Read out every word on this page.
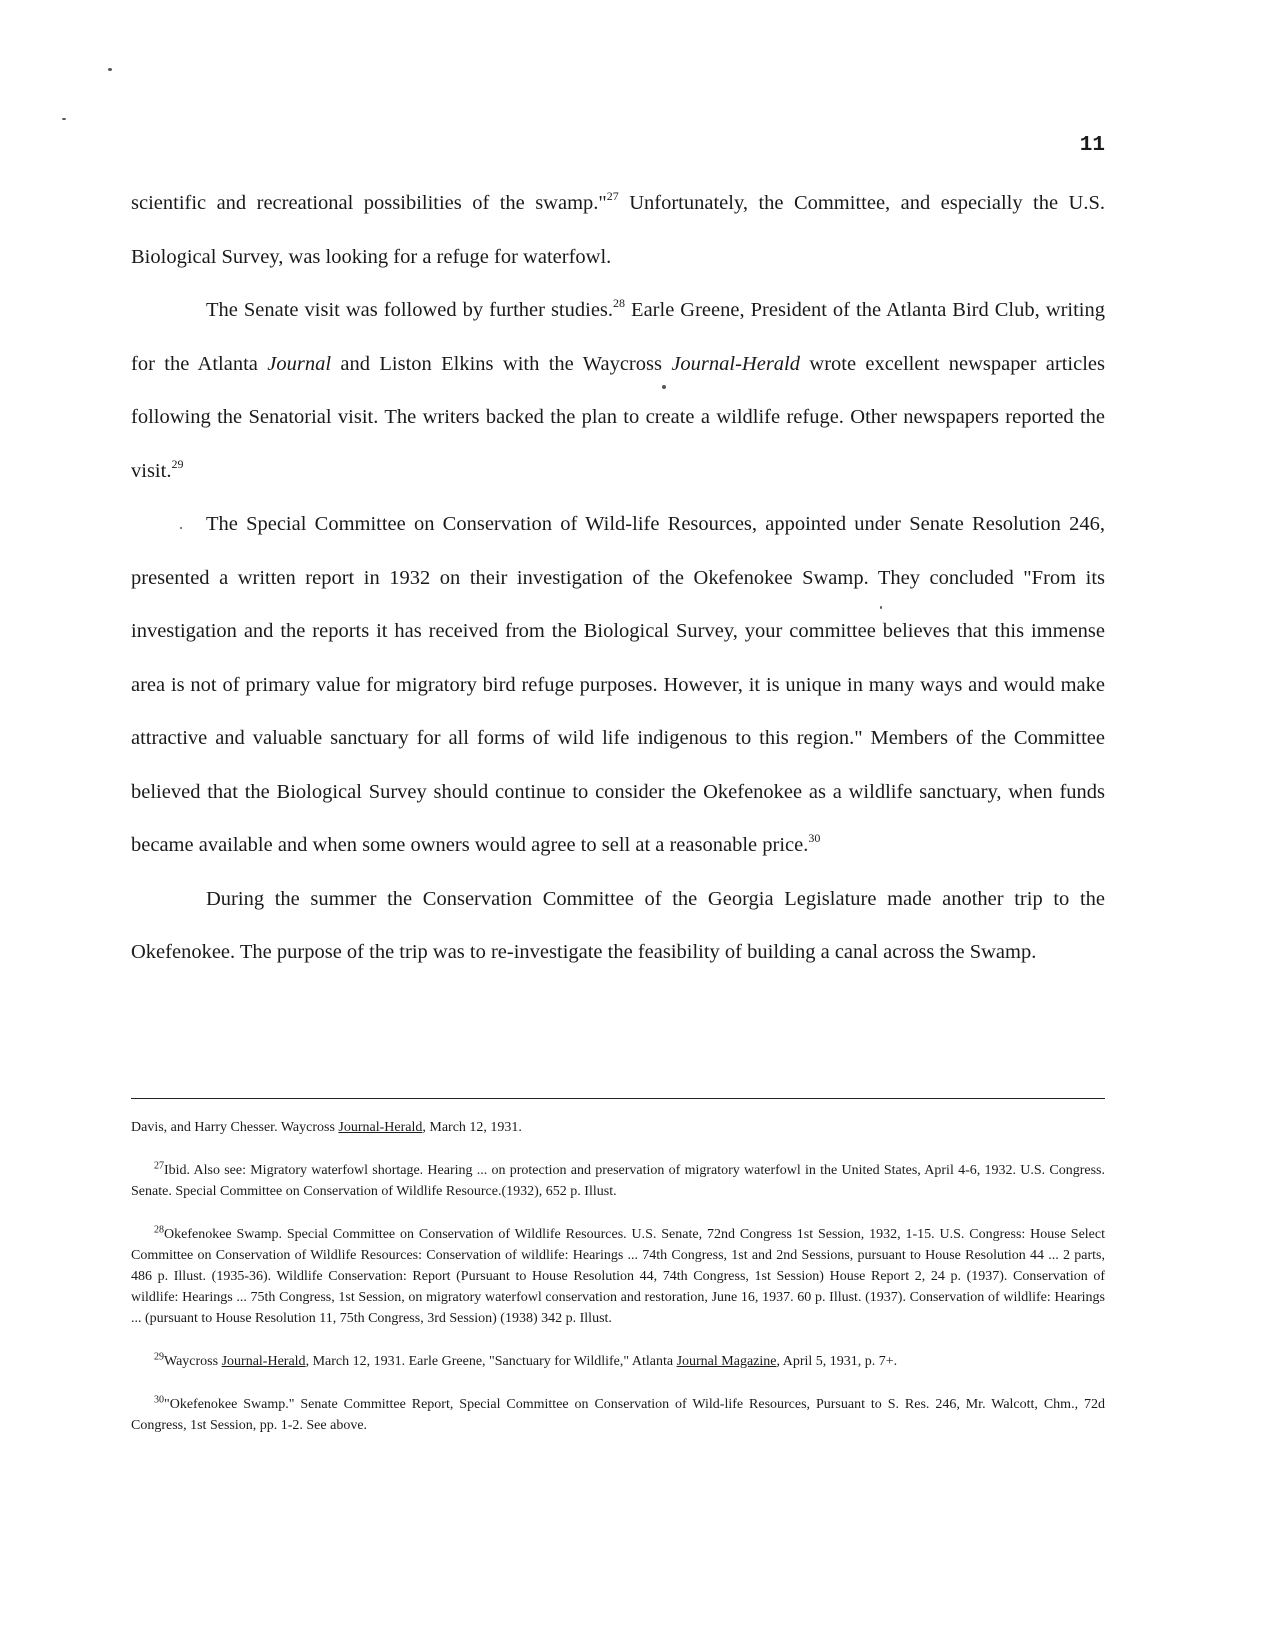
11

scientific and recreational possibilities of the swamp."$^{27}$ Unfortunately, the Committee, and especially the U.S. Biological Survey, was looking for a refuge for waterfowl.

The Senate visit was followed by further studies.$^{28}$ Earle Greene, President of the Atlanta Bird Club, writing for the Atlanta Journal and Liston Elkins with the Waycross Journal-Herald wrote excellent newspaper articles following the Senatorial visit. The writers backed the plan to create a wildlife refuge. Other newspapers reported the visit.$^{29}$

The Special Committee on Conservation of Wild-life Resources, appointed under Senate Resolution 246, presented a written report in 1932 on their investigation of the Okefenokee Swamp. They concluded "From its investigation and the reports it has received from the Biological Survey, your committee believes that this immense area is not of primary value for migratory bird refuge purposes. However, it is unique in many ways and would make attractive and valuable sanctuary for all forms of wild life indigenous to this region." Members of the Committee believed that the Biological Survey should continue to consider the Okefenokee as a wildlife sanctuary, when funds became available and when some owners would agree to sell at a reasonable price.$^{30}$

During the summer the Conservation Committee of the Georgia Legislature made another trip to the Okefenokee. The purpose of the trip was to re-investigate the feasibility of building a canal across the Swamp.

Davis, and Harry Chesser. Waycross Journal-Herald, March 12, 1931.

$^{27}$Ibid. Also see: Migratory waterfowl shortage. Hearing ... on protection and preservation of migratory waterfowl in the United States, April 4-6, 1932. U.S. Congress. Senate. Special Committee on Conservation of Wildlife Resource.(1932), 652 p. Illust.

$^{28}$Okefenokee Swamp. Special Committee on Conservation of Wildlife Resources. U.S. Senate, 72nd Congress 1st Session, 1932, 1-15. U.S. Congress: House Select Committee on Conservation of Wildlife Resources: Conservation of wildlife: Hearings ... 74th Congress, 1st and 2nd Sessions, pursuant to House Resolution 44 ... 2 parts, 486 p. Illust. (1935-36). Wildlife Conservation: Report (Pursuant to House Resolution 44, 74th Congress, 1st Session) House Report 2, 24 p. (1937). Conservation of wildlife: Hearings ... 75th Congress, 1st Session, on migratory waterfowl conservation and restoration, June 16, 1937. 60 p. Illust. (1937). Conservation of wildlife: Hearings ... (pursuant to House Resolution 11, 75th Congress, 3rd Session) (1938) 342 p. Illust.

$^{29}$Waycross Journal-Herald, March 12, 1931. Earle Greene, "Sanctuary for Wildlife," Atlanta Journal Magazine, April 5, 1931, p. 7+.

$^{30}$"Okefenokee Swamp." Senate Committee Report, Special Committee on Conservation of Wild-life Resources, Pursuant to S. Res. 246, Mr. Walcott, Chm., 72d Congress, 1st Session, pp. 1-2. See above.
